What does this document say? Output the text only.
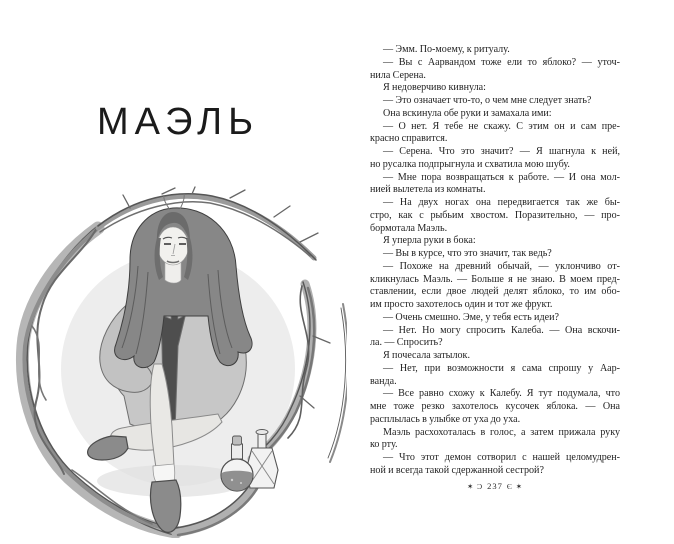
МАЭЛЬ
— Эмм. По-моему, к ритуалу.
— Вы с Аарвандом тоже ели то яблоко? — уточ-
нила Серена.
Я недоверчиво кивнула:
— Это означает что-то, о чем мне следует знать?
Она вскинула обе руки и замахала ими:
— О нет. Я тебе не скажу. С этим он и сам пре-
красно справится.
— Серена. Что это значит? — Я шагнула к ней,
но русалка подпрыгнула и схватила мою шубу.
— Мне пора возвращаться к работе. — И она мол-
нией вылетела из комнаты.
— На двух ногах она передвигается так же бы-
стро, как с рыбьим хвостом. Поразительно, — про-
бормотала Маэль.
Я уперла руки в бока:
— Вы в курсе, что это значит, так ведь?
— Похоже на древний обычай, — уклончиво от-
кликнулась Маэль. — Больше я не знаю. В моем пред-
ставлении, если двое людей делят яблоко, то им обо-
им просто захотелось один и тот же фрукт.
— Очень смешно. Эме, у тебя есть идеи?
— Нет. Но могу спросить Калеба. — Она вскочи-
ла. — Спросить?
Я почесала затылок.
— Нет, при возможности я сама спрошу у Аар-
ванда.
— Все равно схожу к Калебу. Я тут подумала, что
мне тоже резко захотелось кусочек яблока. — Она
расплылась в улыбке от уха до уха.
Маэль расхохоталась в голос, а затем прижала руку
ко рту.
— Что этот демон сотворил с нашей целомудрен-
ной и всегда такой сдержанной сестрой?
✶ Ɔ 237 Є ✶
